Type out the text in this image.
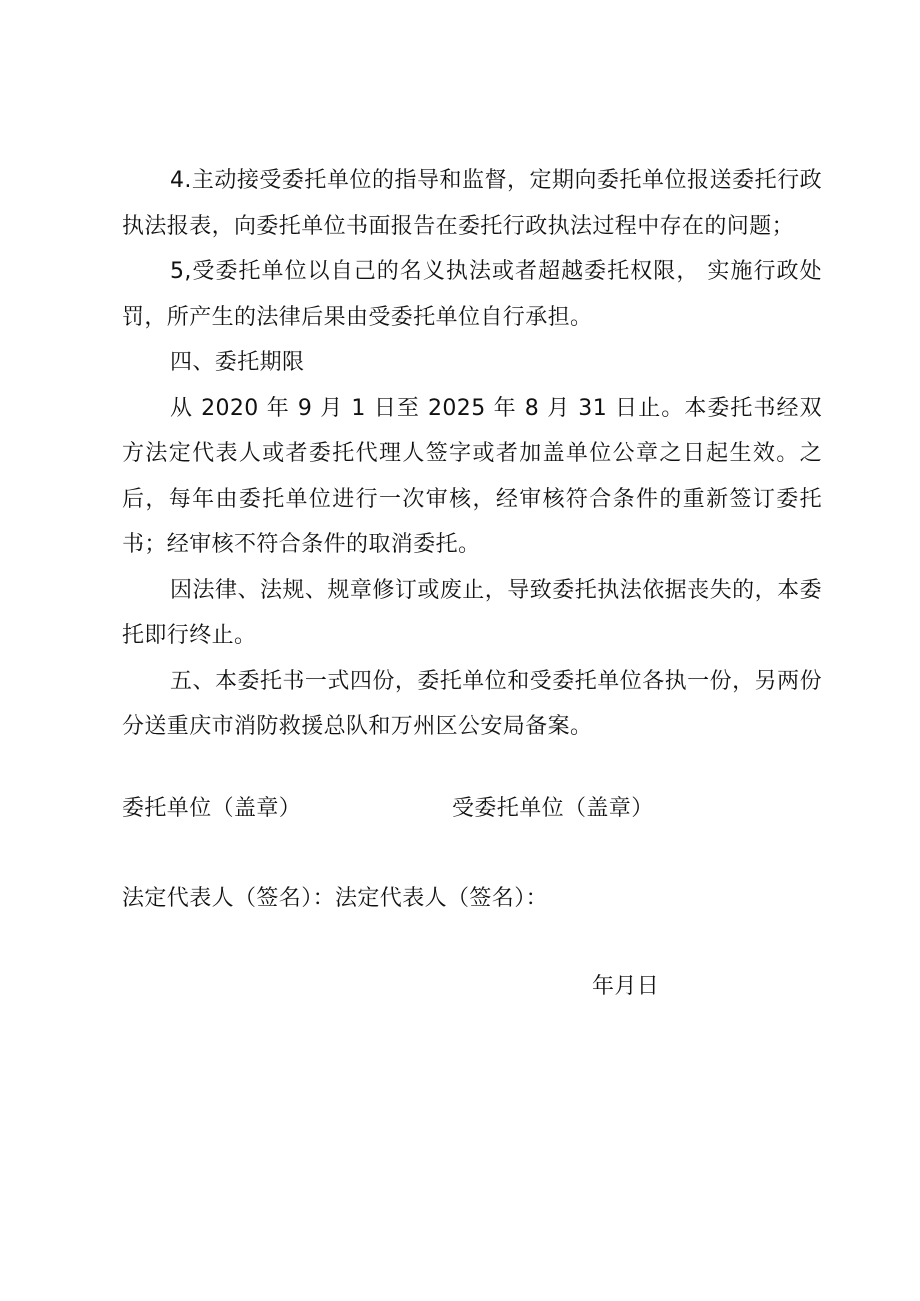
4.主动接受委托单位的指导和监督，定期向委托单位报送委托行政执法报表，向委托单位书面报告在委托行政执法过程中存在的问题；

5,受委托单位以自己的名义执法或者超越委托权限， 实施行政处罚，所产生的法律后果由受委托单位自行承担。

四、委托期限

从 2020 年 9 月 1 日至 2025 年 8 月 31 日止。本委托书经双方法定代表人或者委托代理人签字或者加盖单位公章之日起生效。之后，每年由委托单位进行一次审核，经审核符合条件的重新签订委托书；经审核不符合条件的取消委托。

因法律、法规、规章修订或废止，导致委托执法依据丧失的，本委托即行终止。

五、本委托书一式四份，委托单位和受委托单位各执一份，另两份分送重庆市消防救援总队和万州区公安局备案。

委托单位（盖章）	受委托单位（盖章）
法定代表人（签名）：法定代表人（签名）：
年月日
